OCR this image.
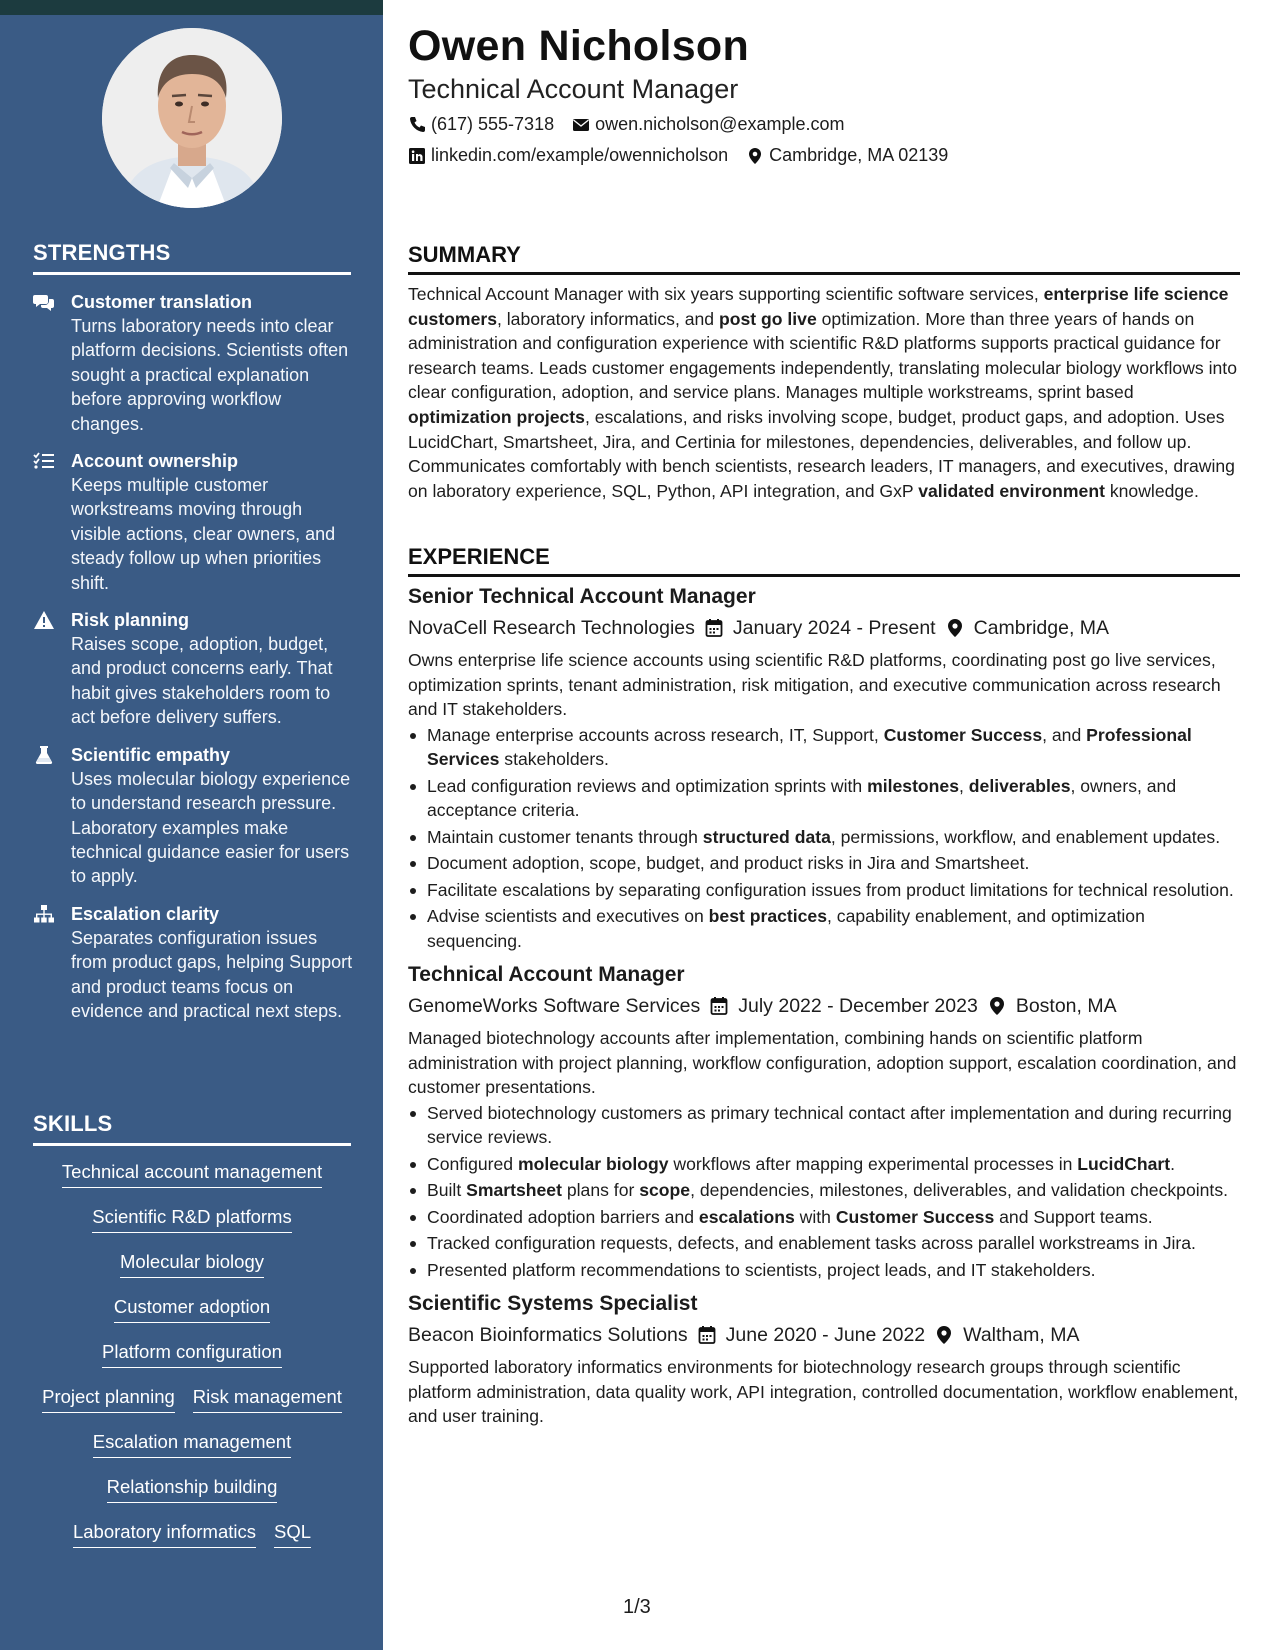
STRENGTHS
Customer translation
Turns laboratory needs into clear platform decisions. Scientists often sought a practical explanation before approving workflow changes.
Account ownership
Keeps multiple customer workstreams moving through visible actions, clear owners, and steady follow up when priorities shift.
Risk planning
Raises scope, adoption, budget, and product concerns early. That habit gives stakeholders room to act before delivery suffers.
Scientific empathy
Uses molecular biology experience to understand research pressure. Laboratory examples make technical guidance easier for users to apply.
Escalation clarity
Separates configuration issues from product gaps, helping Support and product teams focus on evidence and practical next steps.
SKILLS
Technical account management
Scientific R&D platforms
Molecular biology
Customer adoption
Platform configuration
Project planning Risk management
Escalation management
Relationship building
Laboratory informatics SQL
Owen Nicholson
Technical Account Manager
(617) 555-7318 owen.nicholson@example.com
linkedin.com/example/owennicholson Cambridge, MA 02139
SUMMARY

Technical Account Manager with six years supporting scientific software services, enterprise life science customers, laboratory informatics, and post go live optimization. More than three years of hands on administration and configuration experience with scientific R&D platforms supports practical guidance for research teams. Leads customer engagements independently, translating molecular biology workflows into clear configuration, adoption, and service plans. Manages multiple workstreams, sprint based optimization projects, escalations, and risks involving scope, budget, product gaps, and adoption. Uses LucidChart, Smartsheet, Jira, and Certinia for milestones, dependencies, deliverables, and follow up. Communicates comfortably with bench scientists, research leaders, IT managers, and executives, drawing on laboratory experience, SQL, Python, API integration, and GxP validated environment knowledge.

EXPERIENCE
Senior Technical Account Manager
NovaCell Research Technologies January 2024 - Present Cambridge, MA

Owns enterprise life science accounts using scientific R&D platforms, coordinating post go live services, optimization sprints, tenant administration, risk mitigation, and executive communication across research and IT stakeholders.

Manage enterprise accounts across research, IT, Support, Customer Success, and Professional Services stakeholders.
Lead configuration reviews and optimization sprints with milestones, deliverables, owners, and acceptance criteria.
Maintain customer tenants through structured data, permissions, workflow, and enablement updates.
Document adoption, scope, budget, and product risks in Jira and Smartsheet.
Facilitate escalations by separating configuration issues from product limitations for technical resolution.
Advise scientists and executives on best practices, capability enablement, and optimization sequencing.
Technical Account Manager
GenomeWorks Software Services July 2022 - December 2023 Boston, MA

Managed biotechnology accounts after implementation, combining hands on scientific platform administration with project planning, workflow configuration, adoption support, escalation coordination, and customer presentations.

Served biotechnology customers as primary technical contact after implementation and during recurring service reviews.
Configured molecular biology workflows after mapping experimental processes in LucidChart.
Built Smartsheet plans for scope, dependencies, milestones, deliverables, and validation checkpoints.
Coordinated adoption barriers and escalations with Customer Success and Support teams.
Tracked configuration requests, defects, and enablement tasks across parallel workstreams in Jira.
Presented platform recommendations to scientists, project leads, and IT stakeholders.
Scientific Systems Specialist
Beacon Bioinformatics Solutions June 2020 - June 2022 Waltham, MA

Supported laboratory informatics environments for biotechnology research groups through scientific platform administration, data quality work, API integration, controlled documentation, workflow enablement, and user training.

1/3
